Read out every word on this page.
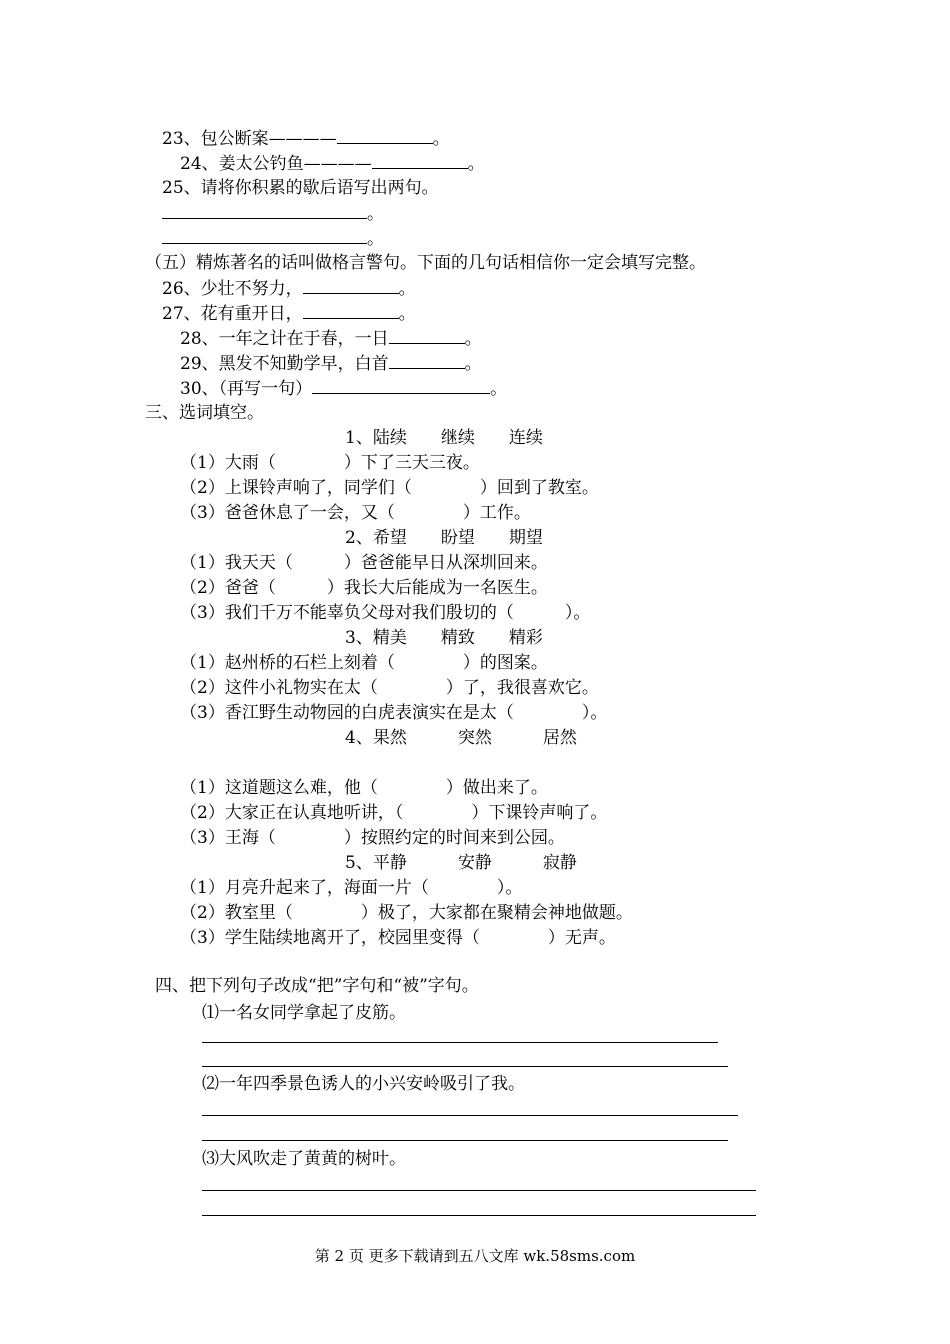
23、包公断案————	。
24、姜太公钓鱼————	。
25、请将你积累的歇后语写出两句。
。
。
（五）精炼著名的话叫做格言警句。下面的几句话相信你一定会填写完整。
26、少壮不努力，	。
27、花有重开日，	。
28、一年之计在于春，一日	。
29、黑发不知勤学早，白首	。
30、（再写一句）	。
三、选词填空。
1、陆续　　继续　　连续
（1）大雨（　　　　）下了三天三夜。
（2）上课铃声响了，同学们（　　　　）回到了教室。
（3）爸爸休息了一会，又（　　　　）工作。
2、希望　　盼望　　期望
（1）我天天（　　　）爸爸能早日从深圳回来。
（2）爸爸（　　　）我长大后能成为一名医生。
（3）我们千万不能辜负父母对我们殷切的（　　　）。
3、精美　　精致　　精彩
（1）赵州桥的石栏上刻着（　　　　）的图案。
（2）这件小礼物实在太（　　　　）了，我很喜欢它。
（3）香江野生动物园的白虎表演实在是太（　　　　）。
4、果然　　　突然　　　居然
（1）这道题这么难，他（　　　　）做出来了。
（2）大家正在认真地听讲，（　　　　）下课铃声响了。
（3）王海（　　　　）按照约定的时间来到公园。
5、平静　　　安静　　　寂静
（1）月亮升起来了，海面一片（　　　　）。
（2）教室里（　　　　）极了，大家都在聚精会神地做题。
（3）学生陆续地离开了，校园里变得（　　　　）无声。
四、把下列句子改成“把”字句和“被”字句。
⑴一名女同学拿起了皮筋。
⑵一年四季景色诱人的小兴安岭吸引了我。
⑶大风吹走了黄黄的树叶。
第 2 页 更多下载请到五八文库 wk.58sms.com
